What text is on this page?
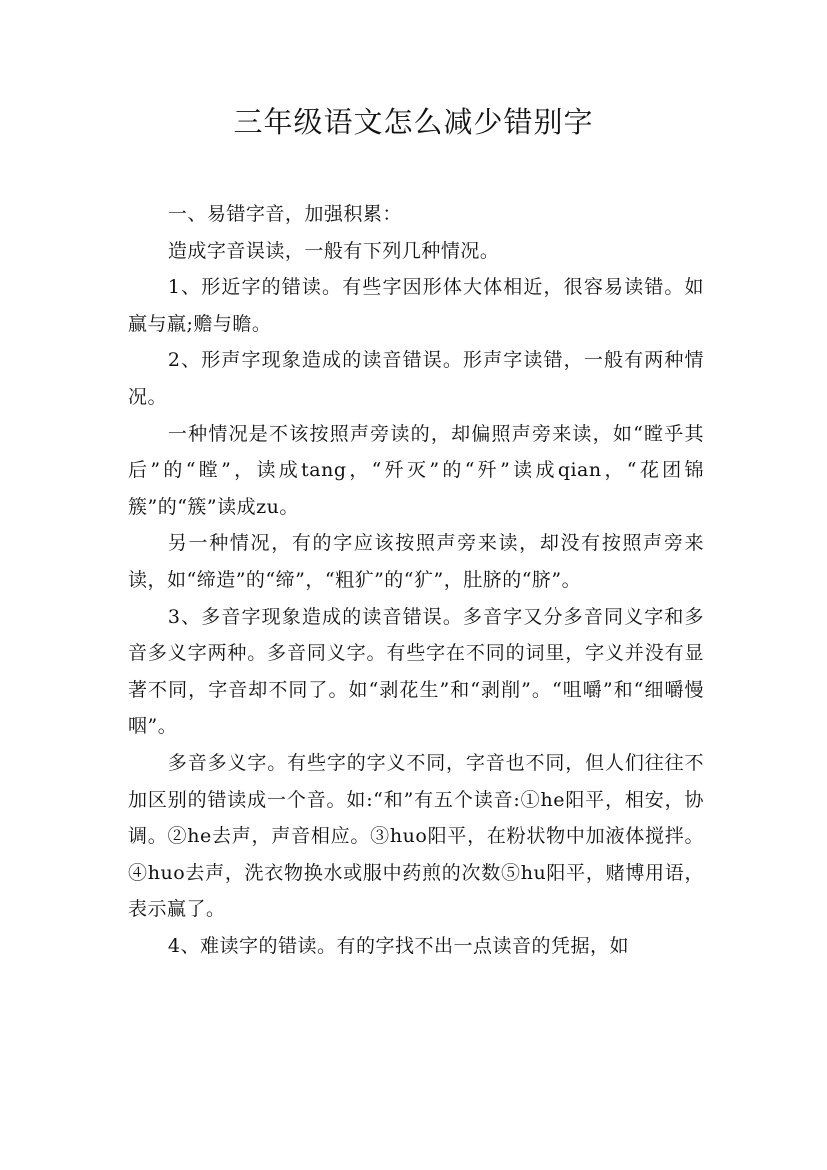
三年级语文怎么减少错别字

一、易错字音，加强积累：

造成字音误读，一般有下列几种情况。

1、形近字的错读。有些字因形体大体相近，很容易读错。如赢与羸;赡与瞻。

2、形声字现象造成的读音错误。形声字读错，一般有两种情况。

一种情况是不该按照声旁读的，却偏照声旁来读，如“瞠乎其后”的“瞠”，读成tang，“歼灭”的“歼”读成qian，“花团锦簇”的“簇”读成zu。

另一种情况，有的字应该按照声旁来读，却没有按照声旁来读，如“缔造”的“缔”，“粗犷”的“犷”，肚脐的“脐”。

3、多音字现象造成的读音错误。多音字又分多音同义字和多音多义字两种。多音同义字。有些字在不同的词里，字义并没有显著不同，字音却不同了。如“剥花生”和“剥削”。“咀嚼”和“细嚼慢咽”。

多音多义字。有些字的字义不同，字音也不同，但人们往往不加区别的错读成一个音。如:“和”有五个读音:①he阳平，相安，协调。②he去声，声音相应。③huo阳平，在粉状物中加液体搅拌。④huo去声，洗衣物换水或服中药煎的次数⑤hu阳平，赌博用语，表示赢了。

4、难读字的错读。有的字找不出一点读音的凭据，如
